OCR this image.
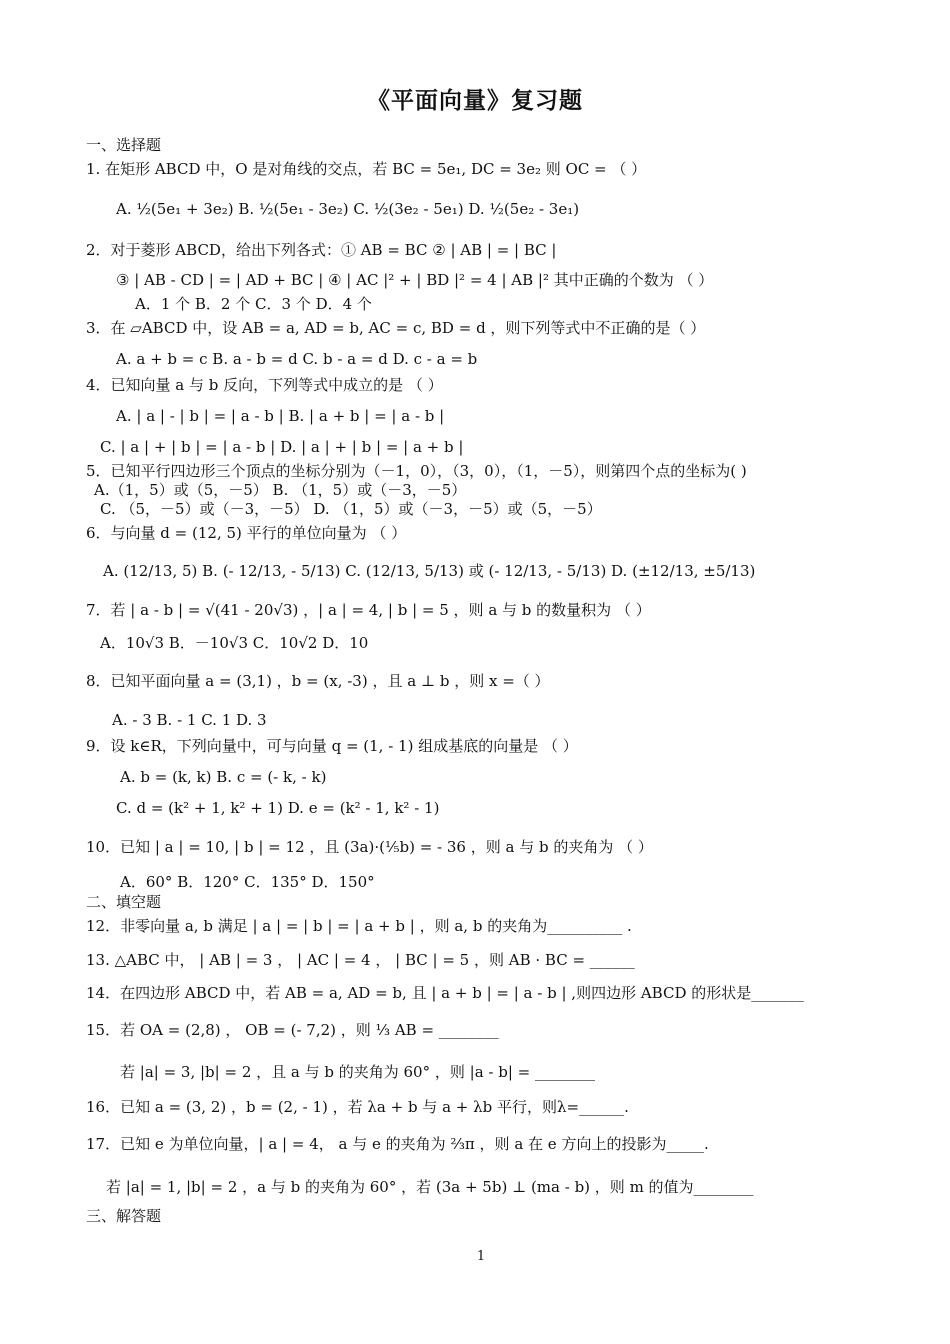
《平面向量》复习题
一、选择题
1. 在矩形 ABCD 中，O 是对角线的交点，若 BC = 5e₁, DC = 3e₂ 则 OC = （ ）
A. ½(5e₁ + 3e₂) B. ½(5e₁ - 3e₂) C. ½(3e₂ - 5e₁) D. ½(5e₂ - 3e₁)
2．对于菱形 ABCD，给出下列各式：① AB = BC ② | AB | = | BC |
③ | AB - CD | = | AD + BC | ④ | AC |² + | BD |² = 4 | AB |² 其中正确的个数为 （ ）
A．1 个 B．2 个 C．3 个 D．4 个
3．在 ▱ABCD 中，设 AB = a, AD = b, AC = c, BD = d ，则下列等式中不正确的是（ ）
A. a + b = c B. a - b = d C. b - a = d D. c - a = b
4．已知向量 a 与 b 反向，下列等式中成立的是 （ ）
A. | a | - | b | = | a - b | B. | a + b | = | a - b |
C. | a | + | b | = | a - b | D. | a | + | b | = | a + b |
5．已知平行四边形三个顶点的坐标分别为（－1，0），（3，0），（1，－5），则第四个点的坐标为( )
A.（1，5）或（5，－5） B. （1，5）或（－3，－5）
C. （5，－5）或（－3，－5） D. （1，5）或（－3，－5）或（5，－5）
6．与向量 d = (12, 5) 平行的单位向量为 （ ）
A. (12/13, 5) B. (- 12/13, - 5/13) C. (12/13, 5/13) 或 (- 12/13, - 5/13) D. (±12/13, ±5/13)
7．若 | a - b | = √(41 - 20√3) ，| a | = 4, | b | = 5 ，则 a 与 b 的数量积为 （ ）
A．10√3 B．－10√3 C．10√2 D．10
8．已知平面向量 a = (3,1) ，b = (x, -3) ，且 a ⊥ b ，则 x =（ ）
A. - 3 B. - 1 C. 1 D. 3
9．设 k∈R，下列向量中，可与向量 q = (1, - 1) 组成基底的向量是 （ ）
A. b = (k, k) B. c = (- k, - k)
C. d = (k² + 1, k² + 1) D. e = (k² - 1, k² - 1)
10．已知 | a | = 10, | b | = 12 ，且 (3a)·(⅕b) = - 36 ，则 a 与 b 的夹角为 （ ）
A．60° B．120° C．135° D．150°
二、填空题
12．非零向量 a, b 满足 | a | = | b | = | a + b | ，则 a, b 的夹角为__________ .
13. △ABC 中， | AB | = 3 ， | AC | = 4 ， | BC | = 5 ，则 AB · BC = ______
14．在四边形 ABCD 中，若 AB = a, AD = b, 且 | a + b | = | a - b | ,则四边形 ABCD 的形状是_______
15．若 OA = (2,8) ， OB = (- 7,2) ，则 ⅓ AB = ________
若 |a| = 3, |b| = 2 ，且 a 与 b 的夹角为 60° ，则 |a - b| = ________
16．已知 a = (3, 2) ，b = (2, - 1) ，若 λa + b 与 a + λb 平行，则λ=______.
17．已知 e 为单位向量，| a | = 4， a 与 e 的夹角为 ⅔π ，则 a 在 e 方向上的投影为_____.
若 |a| = 1, |b| = 2 ，a 与 b 的夹角为 60° ，若 (3a + 5b) ⊥ (ma - b) ，则 m 的值为________
三、解答题
1
